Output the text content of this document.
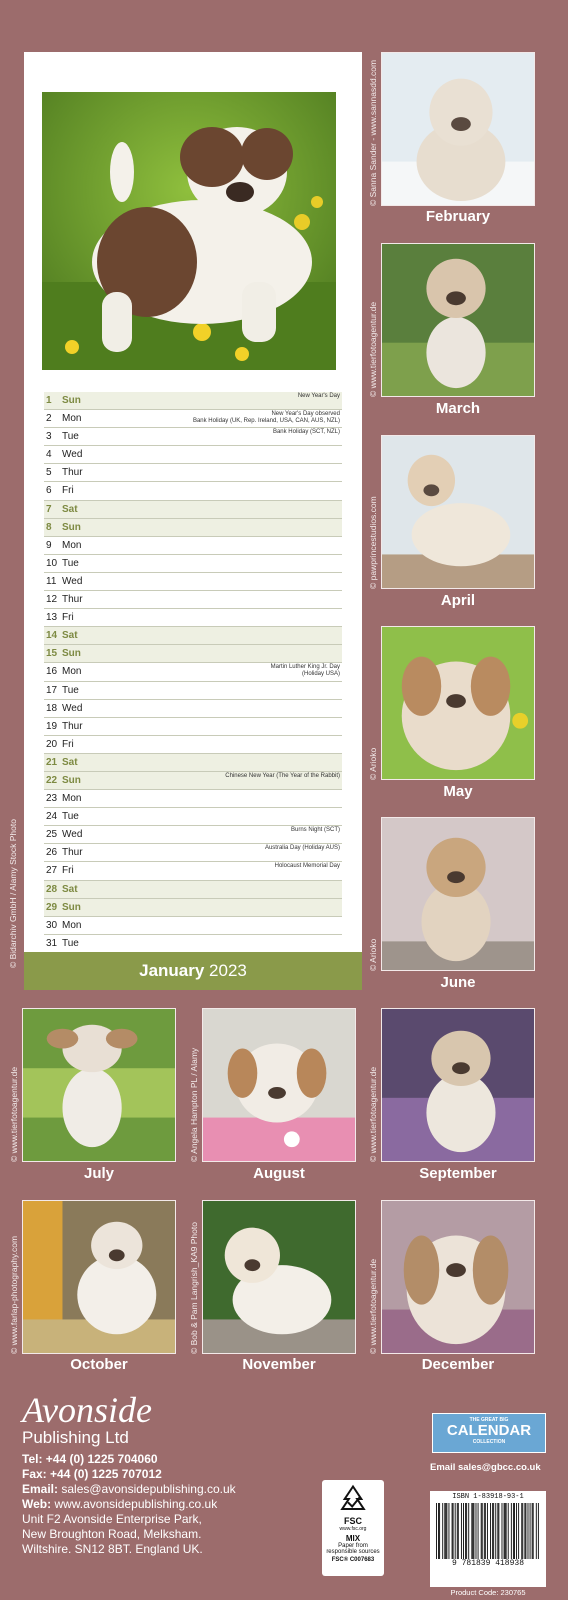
1 Sun	New Year's Day
2 Mon	New Year's Day observed
Bank Holiday (UK, Rep. Ireland, USA, CAN, AUS, NZL)
3 Tue	Bank Holiday (SCT, NZL)
4 Wed
5 Thur
6 Fri
7 Sat
8 Sun
9 Mon
10 Tue
11 Wed
12 Thur
13 Fri
14 Sat
15 Sun
16 Mon	Martin Luther King Jr. Day
(Holiday USA)
17 Tue
18 Wed
19 Thur
20 Fri
21 Sat
22 Sun	Chinese New Year (The Year of the Rabbit)
23 Mon
24 Tue
25 Wed	Burns Night (SCT)
26 Thur	Australia Day (Holiday AUS)
27 Fri	Holocaust Memorial Day
28 Sat
29 Sun
30 Mon
31 Tue
January 2023
© Bidarchiv GmbH / Alamy Stock Photo
© Sanna Sander - www.sannasdd.com
February
© www.tierfotoagentur.de
March
© pawprincestudios.com
April
© Arioko
May
© Arioko
June
© www.tierfotoagentur.de
July
© Angela Hampton PL / Alamy
August
© www.tierfotoagentur.de
September
© www.farlap-photography.com
October
© Bob & Pam Langrish_KA9 Photo
November
© www.tierfotoagentur.de
December
Avonside
Publishing Ltd
Tel: +44 (0) 1225 704060
Fax: +44 (0) 1225 707012
Email: sales@avonsidepublishing.co.uk
Web: www.avonsidepublishing.co.uk
Unit F2 Avonside Enterprise Park,
New Broughton Road, Melksham.
Wiltshire. SN12 8BT. England UK.
FSC
www.fsc.org
MIX
Paper from
responsible sources
FSC® C007683
THE GREAT BIG
CALENDAR
COLLECTION
Email sales@gbcc.co.uk
ISBN 1-83918-93-1
9 781839 418938
Product Code: 230765
